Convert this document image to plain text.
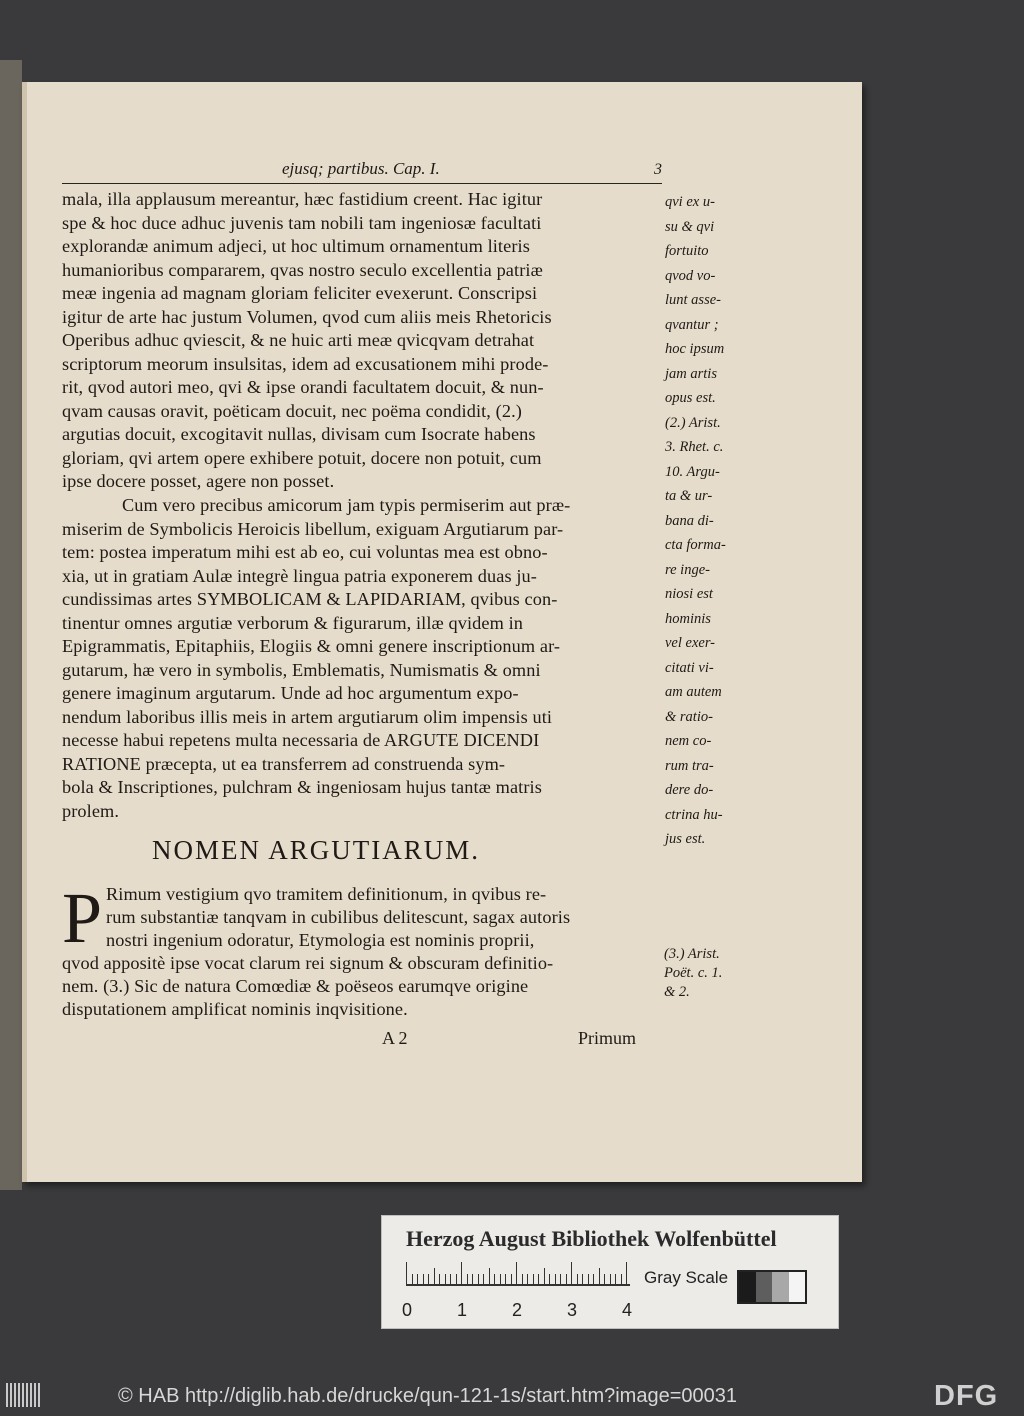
ejusq; partibus. Cap. I.	3
mala, illa applausum mereantur, hæc fastidium creent. Hac igitur
spe & hoc duce adhuc juvenis tam nobili tam ingeniosæ facultati
explorandæ animum adjeci, ut hoc ultimum ornamentum literis
humanioribus compararem, qvas nostro seculo excellentia patriæ
meæ ingenia ad magnam gloriam feliciter evexerunt. Conscripsi
igitur de arte hac justum Volumen, qvod cum aliis meis Rhetoricis
Operibus adhuc qviescit, & ne huic arti meæ qvicqvam detrahat
scriptorum meorum insulsitas, idem ad excusationem mihi prode-
rit, qvod autori meo, qvi & ipse orandi facultatem docuit, & nun-
qvam causas oravit, poëticam docuit, nec poëma condidit, (2.)
argutias docuit, excogitavit nullas, divisam cum Isocrate habens
gloriam, qvi artem opere exhibere potuit, docere non potuit, cum
ipse docere posset, agere non posset.
Cum vero precibus amicorum jam typis permiserim aut præ-
miserim de Symbolicis Heroicis libellum, exiguam Argutiarum par-
tem: postea imperatum mihi est ab eo, cui voluntas mea est obno-
xia, ut in gratiam Aulæ integrè lingua patria exponerem duas ju-
cundissimas artes SYMBOLICAM & LAPIDARIAM, qvibus con-
tinentur omnes argutiæ verborum & figurarum, illæ qvidem in
Epigrammatis, Epitaphiis, Elogiis & omni genere inscriptionum ar-
gutarum, hæ vero in symbolis, Emblematis, Numismatis & omni
genere imaginum argutarum. Unde ad hoc argumentum expo-
nendum laboribus illis meis in artem argutiarum olim impensis uti
necesse habui repetens multa necessaria de ARGUTE DICENDI
RATIONE præcepta, ut ea transferrem ad construenda sym-
bola & Inscriptiones, pulchram & ingeniosam hujus tantæ matris
prolem.
qvi ex u-
su & qvi
fortuito
qvod vo-
lunt asse-
qvantur ;
hoc ipsum
jam artis
opus est.
(2.) Arist.
3. Rhet. c.
10. Argu-
ta & ur-
bana di-
cta forma-
re inge-
niosi est
hominis
vel exer-
citati vi-
am autem
& ratio-
nem co-
rum tra-
dere do-
ctrina hu-
jus est.
NOMEN ARGUTIARUM.
P Rimum vestigium qvo tramitem definitionum, in qvibus re-
rum substantiæ tanqvam in cubilibus delitescunt, sagax autoris
nostri ingenium odoratur, Etymologia est nominis proprii,
qvod appositè ipse vocat clarum rei signum & obscuram definitio-
nem. (3.) Sic de natura Comœdiæ & poëseos earumqve origine
disputationem amplificat nominis inqvisitione.
(3.) Arist.
Poët. c. 1.
& 2.
A 2	Primum
Herzog August Bibliothek Wolfenbüttel
0 1 2 3 4
Gray Scale
© HAB http://diglib.hab.de/drucke/qun-121-1s/start.htm?image=00031	DFG
